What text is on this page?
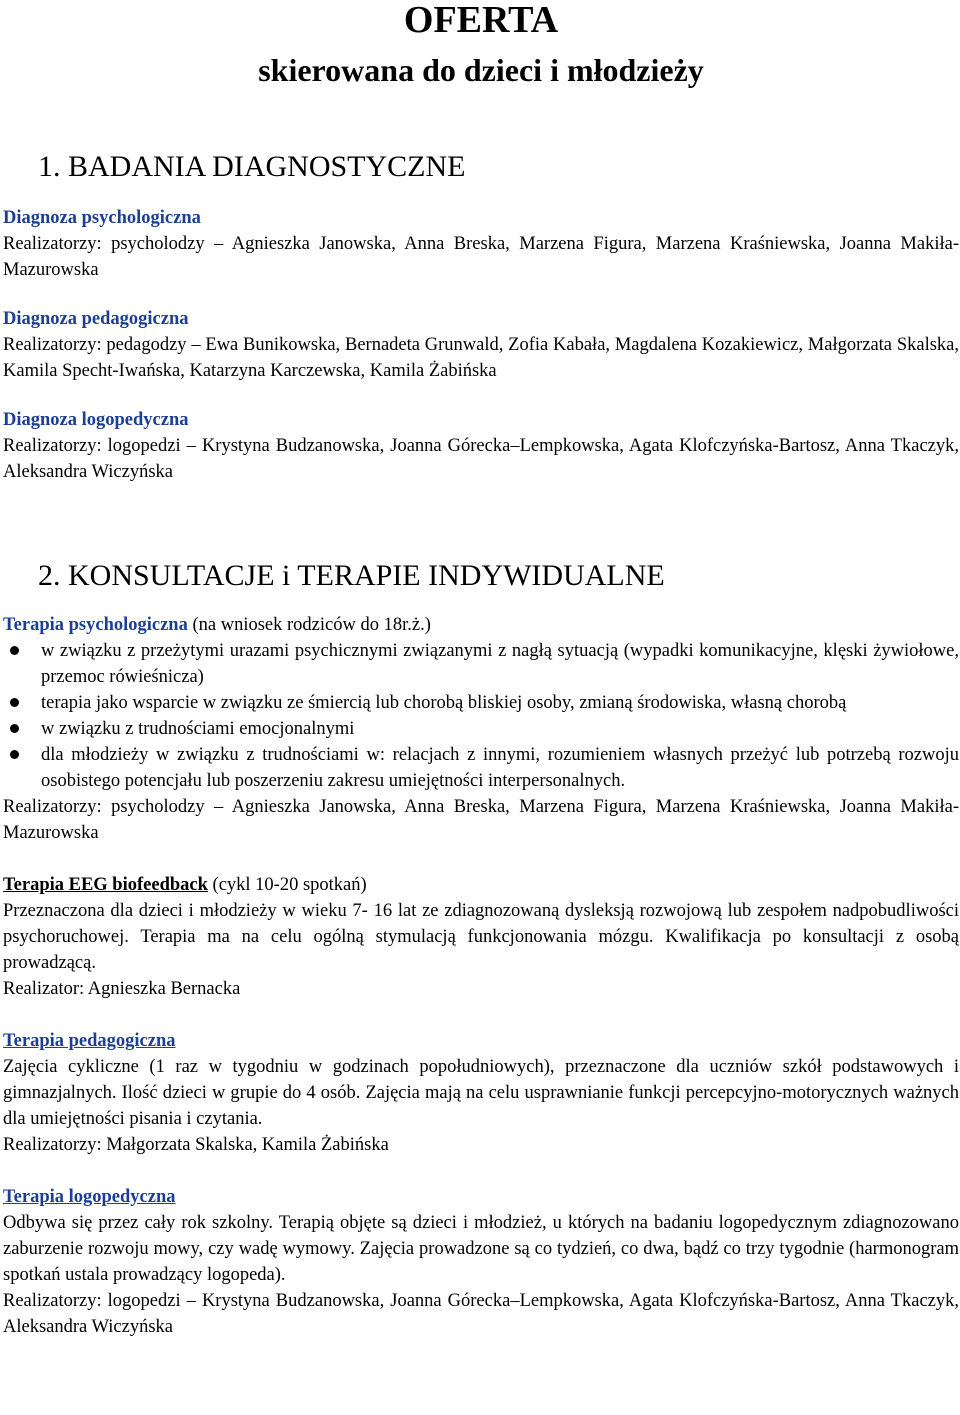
OFERTA
skierowana do dzieci i młodzieży
1. BADANIA DIAGNOSTYCZNE
Diagnoza psychologiczna

Realizatorzy: psycholodzy – Agnieszka Janowska, Anna Breska, Marzena Figura, Marzena Kraśniewska, Joanna Makiła-Mazurowska

Diagnoza pedagogiczna

Realizatorzy: pedagodzy – Ewa Bunikowska, Bernadeta Grunwald, Zofia Kabała, Magdalena Kozakiewicz, Małgorzata Skalska, Kamila Specht-Iwańska, Katarzyna Karczewska, Kamila Żabińska

Diagnoza logopedyczna

Realizatorzy: logopedzi – Krystyna Budzanowska, Joanna Górecka–Lempkowska, Agata Klofczyńska-Bartosz, Anna Tkaczyk, Aleksandra Wiczyńska

2. KONSULTACJE i TERAPIE INDYWIDUALNE

Terapia psychologiczna (na wniosek rodziców do 18r.ż.)

w związku z przeżytymi urazami psychicznymi związanymi z nagłą sytuacją (wypadki komunikacyjne, klęski żywiołowe, przemoc rówieśnicza)
terapia jako wsparcie w związku ze śmiercią lub chorobą bliskiej osoby, zmianą środowiska, własną chorobą
w związku z trudnościami emocjonalnymi
dla młodzieży w związku z trudnościami w: relacjach z innymi, rozumieniem własnych przeżyć lub potrzebą rozwoju osobistego potencjału lub poszerzeniu zakresu umiejętności interpersonalnych.

Realizatorzy: psycholodzy – Agnieszka Janowska, Anna Breska, Marzena Figura, Marzena Kraśniewska, Joanna Makiła-Mazurowska

Terapia EEG biofeedback (cykl 10-20 spotkań)

Przeznaczona dla dzieci i młodzieży w wieku 7- 16 lat ze zdiagnozowaną dysleksją rozwojową lub zespołem nadpobudliwości psychoruchowej. Terapia ma na celu ogólną stymulacją funkcjonowania mózgu. Kwalifikacja po konsultacji z osobą prowadzącą.

Realizator: Agnieszka Bernacka

Terapia pedagogiczna

Zajęcia cykliczne (1 raz w tygodniu w godzinach popołudniowych), przeznaczone dla uczniów szkół podstawowych i gimnazjalnych. Ilość dzieci w grupie do 4 osób. Zajęcia mają na celu usprawnianie funkcji percepcyjno-motorycznych ważnych dla umiejętności pisania i czytania.

Realizatorzy: Małgorzata Skalska, Kamila Żabińska

Terapia logopedyczna

Odbywa się przez cały rok szkolny. Terapią objęte są dzieci i młodzież, u których na badaniu logopedycznym zdiagnozowano zaburzenie rozwoju mowy, czy wadę wymowy. Zajęcia prowadzone są co tydzień, co dwa, bądź co trzy tygodnie (harmonogram spotkań ustala prowadzący logopeda).

Realizatorzy: logopedzi – Krystyna Budzanowska, Joanna Górecka–Lempkowska, Agata Klofczyńska-Bartosz, Anna Tkaczyk, Aleksandra Wiczyńska
